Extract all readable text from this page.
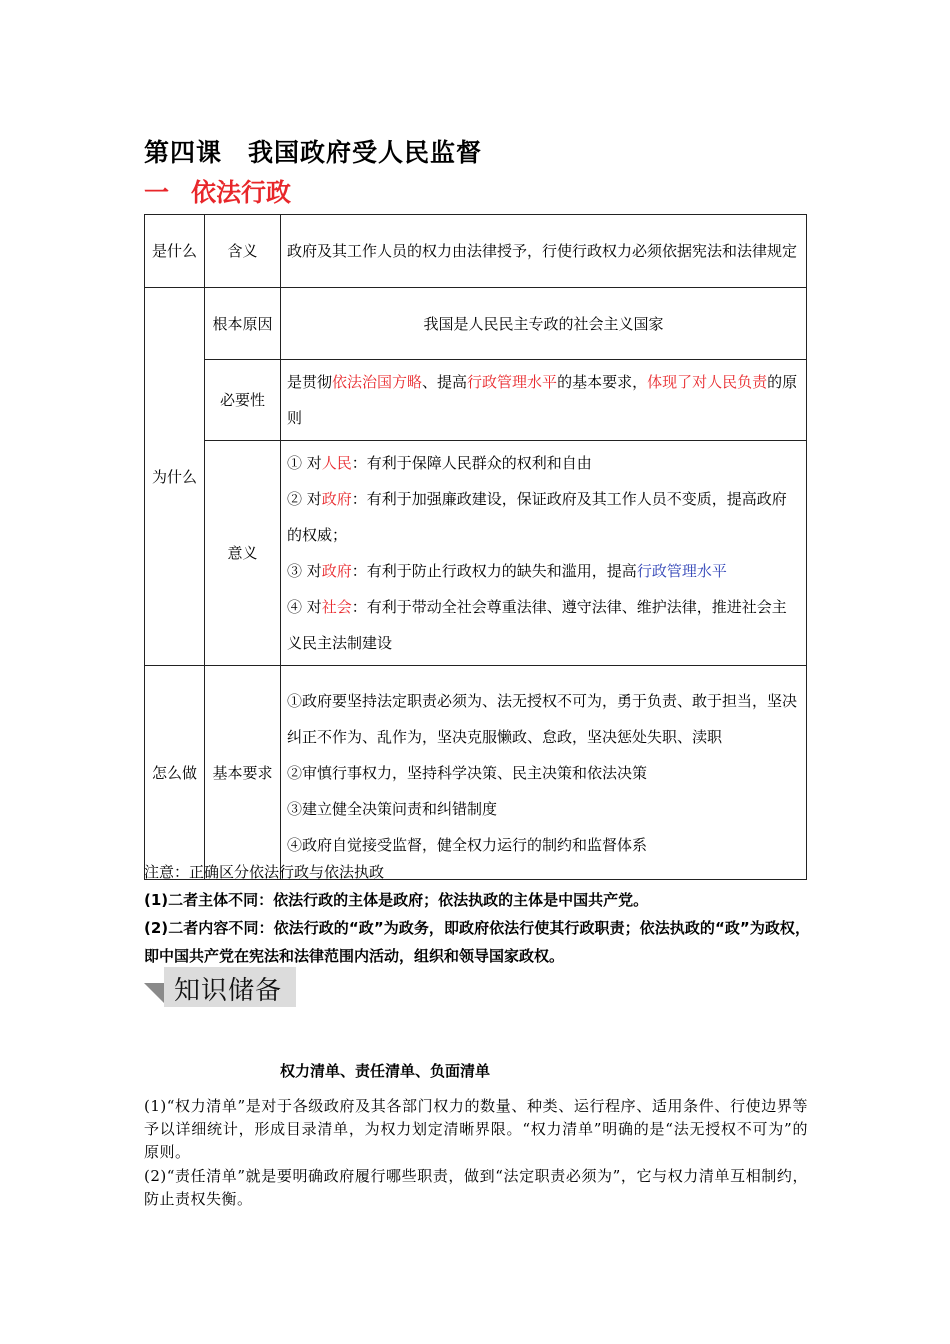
第四课　我国政府受人民监督
一 依法行政
是什么	含义	政府及其工作人员的权力由法律授予，行使行政权力必须依据宪法和法律规定
为什么	根本原因	我国是人民民主专政的社会主义国家
	必要性	是贯彻依法治国方略、提高行政管理水平的基本要求，体现了对人民负责的原则
	意义	① 对人民：有利于保障人民群众的权利和自由
② 对政府：有利于加强廉政建设，保证政府及其工作人员不变质，提高政府的权威；
③ 对政府：有利于防止行政权力的缺失和滥用，提高行政管理水平
④ 对社会：有利于带动全社会尊重法律、遵守法律、维护法律，推进社会主义民主法制建设

怎么做	基本要求	①政府要坚持法定职责必须为、法无授权不可为，勇于负责、敢于担当，坚决纠正不作为、乱作为，坚决克服懒政、怠政，坚决惩处失职、渎职
②审慎行事权力，坚持科学决策、民主决策和依法决策
③建立健全决策问责和纠错制度
④政府自觉接受监督，健全权力运行的制约和监督体系
注意：正确区分依法行政与依法执政
(1)二者主体不同：依法行政的主体是政府；依法执政的主体是中国共产党。
(2)二者内容不同：依法行政的“政”为政务，即政府依法行使其行政职责；依法执政的“政”为政权，即中国共产党在宪法和法律范围内活动，组织和领导国家政权。
知识储备
权力清单、责任清单、负面清单
(1)“权力清单”是对于各级政府及其各部门权力的数量、种类、运行程序、适用条件、行使边界等予以详细统计，形成目录清单，为权力划定清晰界限。“权力清单”明确的是“法无授权不可为”的原则。
(2)“责任清单”就是要明确政府履行哪些职责，做到“法定职责必须为”，它与权力清单互相制约，防止责权失衡。
